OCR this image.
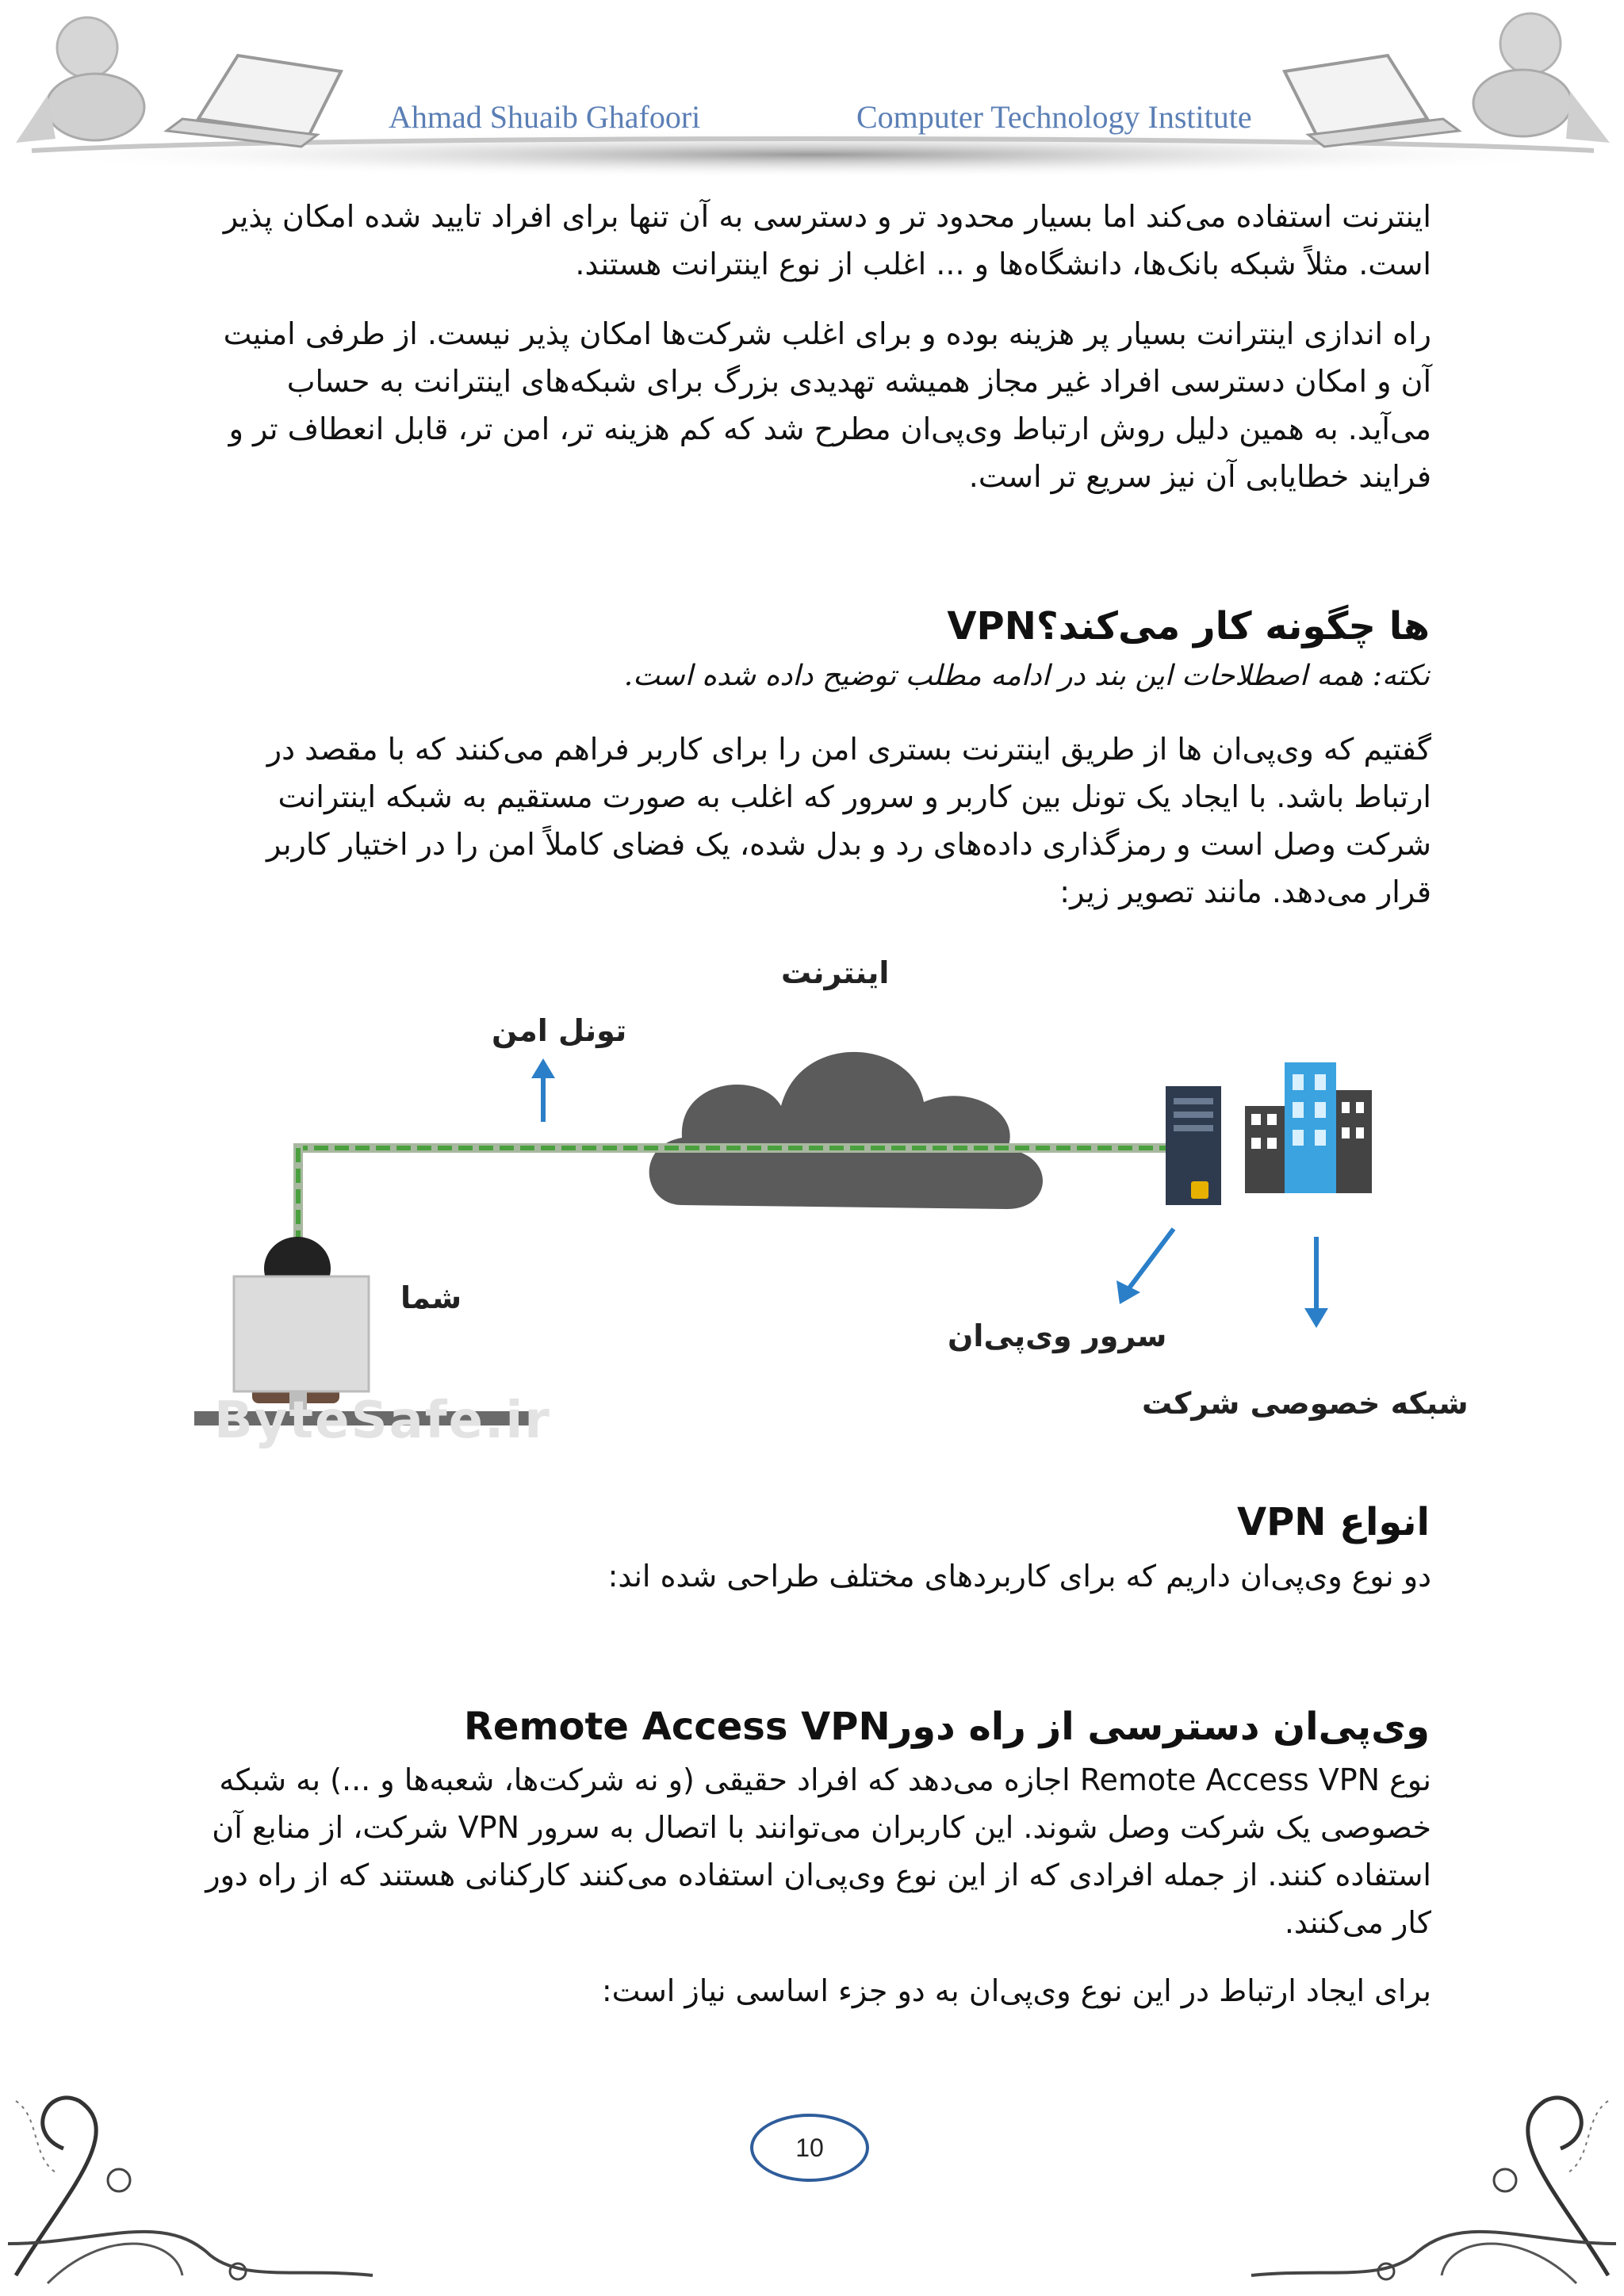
Ahmad Shuaib Ghafoori	Computer Technology Institute

اینترنت استفاده می‌کند اما بسیار محدود تر و دسترسی به آن تنها برای افراد تایید شده امکان پذیر است. مثلاً شبکه بانک‌ها، دانشگاه‌ها و ... اغلب از نوع اینترانت هستند.

راه اندازی اینترانت بسیار پر هزینه بوده و برای اغلب شرکت‌ها امکان پذیر نیست. از طرفی امنیت آن و امکان دسترسی افراد غیر مجاز همیشه تهدیدی بزرگ برای شبکه‌های اینترانت به حساب می‌آید. به همین دلیل روش ارتباط وی‌پی‌ان مطرح شد که کم هزینه تر، امن تر، قابل انعطاف تر و فرایند خطایابی آن نیز سریع تر است.

VPNها چگونه کار می‌کند؟
نکته: همه اصطلاحات این بند در ادامه مطلب توضیح داده شده است.

گفتیم که وی‌پی‌ان ها از طریق اینترنت بستری امن را برای کاربر فراهم می‌کنند که با مقصد در ارتباط باشد. با ایجاد یک تونل بین کاربر و سرور که اغلب به صورت مستقیم به شبکه اینترانت شرکت وصل است و رمزگذاری داده‌های رد و بدل شده، یک فضای کاملاً امن را در اختیار کاربر قرار می‌دهد. مانند تصویر زیر:

اینترنت
تونل امن
شما
سرور وی‌پی‌ان
شبکه خصوصی شرکت
ByteSafe.ir
انواع VPN

دو نوع وی‌پی‌ان داریم که برای کاربردهای مختلف طراحی شده اند:

وی‌پی‌ان دسترسی از راه دورRemote Access VPN

نوع Remote Access VPN اجازه می‌دهد که افراد حقیقی (و نه شرکت‌ها، شعبه‌ها و ...) به شبکه خصوصی یک شرکت وصل شوند. این کاربران می‌توانند با اتصال به سرور VPN شرکت، از منابع آن استفاده کنند. از جمله افرادی که از این نوع وی‌پی‌ان استفاده می‌کنند کارکنانی هستند که از راه دور کار می‌کنند.

برای ایجاد ارتباط در این نوع وی‌پی‌ان به دو جزء اساسی نیاز است:

10
